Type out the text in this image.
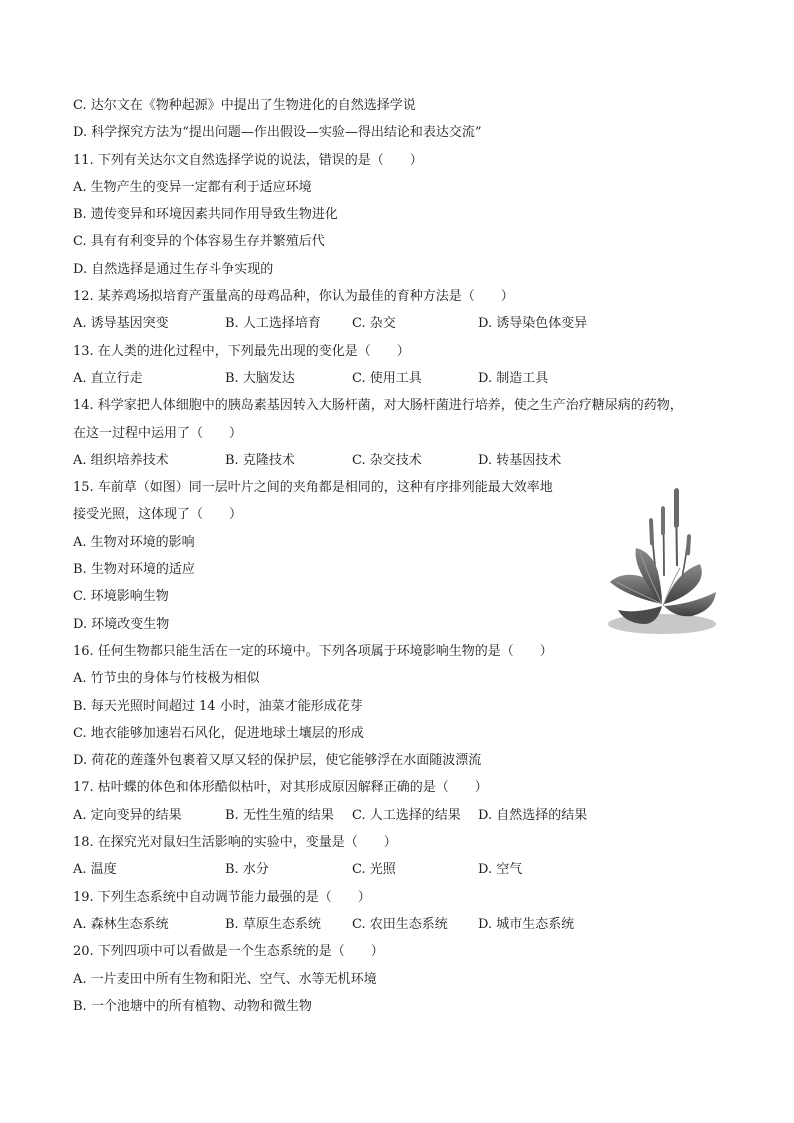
C. 达尔文在《物种起源》中提出了生物进化的自然选择学说
D. 科学探究方法为“提出问题—作出假设—实验—得出结论和表达交流”
11. 下列有关达尔文自然选择学说的说法，错误的是（　　）
A. 生物产生的变异一定都有利于适应环境
B. 遗传变异和环境因素共同作用导致生物进化
C. 具有有利变异的个体容易生存并繁殖后代
D. 自然选择是通过生存斗争实现的
12. 某养鸡场拟培育产蛋量高的母鸡品种，你认为最佳的育种方法是（　　）
A. 诱导基因突变	B. 人工选择培育	C. 杂交	D. 诱导染色体变异
13. 在人类的进化过程中，下列最先出现的变化是（　　）
A. 直立行走	B. 大脑发达	C. 使用工具	D. 制造工具
14. 科学家把人体细胞中的胰岛素基因转入大肠杆菌，对大肠杆菌进行培养，使之生产治疗糖尿病的药物，
在这一过程中运用了（　　）
A. 组织培养技术	B. 克隆技术	C. 杂交技术	D. 转基因技术
15. 车前草（如图）同一层叶片之间的夹角都是相同的，这种有序排列能最大效率地
接受光照，这体现了（　　）
A. 生物对环境的影响
B. 生物对环境的适应
C. 环境影响生物
D. 环境改变生物
16. 任何生物都只能生活在一定的环境中。下列各项属于环境影响生物的是（　　）
A. 竹节虫的身体与竹枝极为相似
B. 每天光照时间超过 14 小时，油菜才能形成花芽
C. 地衣能够加速岩石风化，促进地球土壤层的形成
D. 荷花的莲蓬外包裹着又厚又轻的保护层，使它能够浮在水面随波漂流
17. 枯叶蝶的体色和体形酷似枯叶，对其形成原因解释正确的是（　　）
A. 定向变异的结果	B. 无性生殖的结果	C. 人工选择的结果	D. 自然选择的结果
18. 在探究光对鼠妇生活影响的实验中，变量是（　　）
A. 温度	B. 水分	C. 光照	D. 空气
19. 下列生态系统中自动调节能力最强的是（　　）
A. 森林生态系统	B. 草原生态系统	C. 农田生态系统	D. 城市生态系统
20. 下列四项中可以看做是一个生态系统的是（　　）
A. 一片麦田中所有生物和阳光、空气、水等无机环境
B. 一个池塘中的所有植物、动物和微生物
